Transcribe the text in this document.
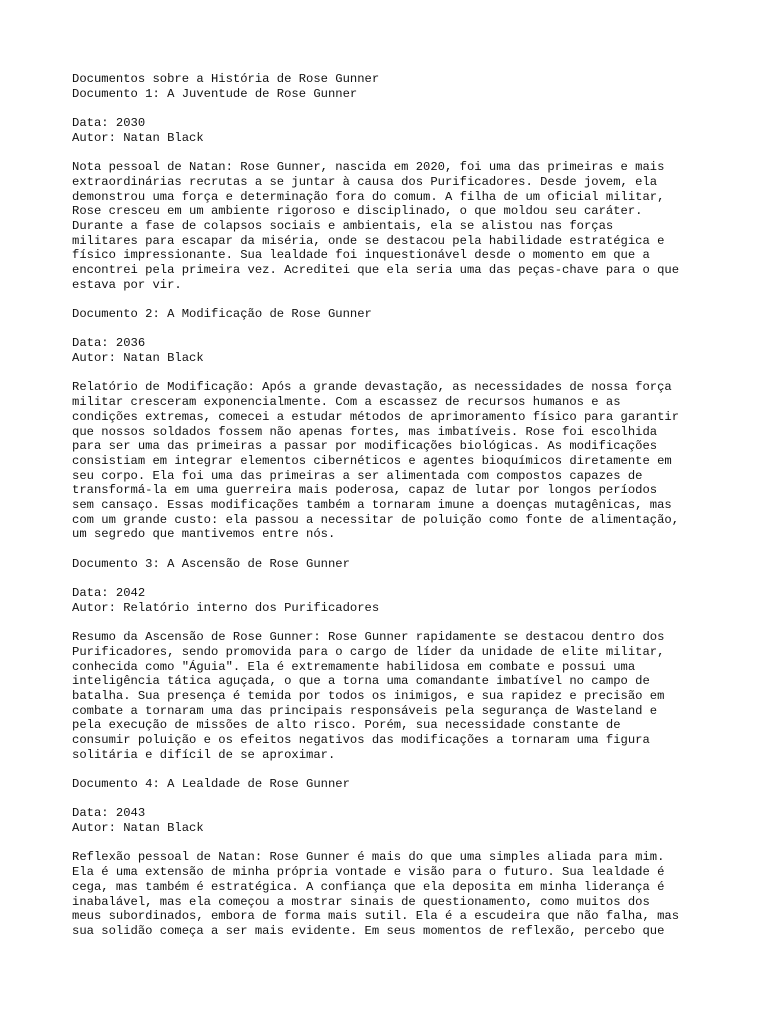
Documentos sobre a História de Rose Gunner
Documento 1: A Juventude de Rose Gunner
Data: 2030
Autor: Natan Black
Nota pessoal de Natan: Rose Gunner, nascida em 2020, foi uma das primeiras e mais
extraordinárias recrutas a se juntar à causa dos Purificadores. Desde jovem, ela
demonstrou uma força e determinação fora do comum. A filha de um oficial militar,
Rose cresceu em um ambiente rigoroso e disciplinado, o que moldou seu caráter.
Durante a fase de colapsos sociais e ambientais, ela se alistou nas forças
militares para escapar da miséria, onde se destacou pela habilidade estratégica e
físico impressionante. Sua lealdade foi inquestionável desde o momento em que a
encontrei pela primeira vez. Acreditei que ela seria uma das peças-chave para o que
estava por vir.
Documento 2: A Modificação de Rose Gunner
Data: 2036
Autor: Natan Black
Relatório de Modificação: Após a grande devastação, as necessidades de nossa força
militar cresceram exponencialmente. Com a escassez de recursos humanos e as
condições extremas, comecei a estudar métodos de aprimoramento físico para garantir
que nossos soldados fossem não apenas fortes, mas imbatíveis. Rose foi escolhida
para ser uma das primeiras a passar por modificações biológicas. As modificações
consistiam em integrar elementos cibernéticos e agentes bioquímicos diretamente em
seu corpo. Ela foi uma das primeiras a ser alimentada com compostos capazes de
transformá-la em uma guerreira mais poderosa, capaz de lutar por longos períodos
sem cansaço. Essas modificações também a tornaram imune a doenças mutagênicas, mas
com um grande custo: ela passou a necessitar de poluição como fonte de alimentação,
um segredo que mantivemos entre nós.
Documento 3: A Ascensão de Rose Gunner
Data: 2042
Autor: Relatório interno dos Purificadores
Resumo da Ascensão de Rose Gunner: Rose Gunner rapidamente se destacou dentro dos
Purificadores, sendo promovida para o cargo de líder da unidade de elite militar,
conhecida como "Águia". Ela é extremamente habilidosa em combate e possui uma
inteligência tática aguçada, o que a torna uma comandante imbatível no campo de
batalha. Sua presença é temida por todos os inimigos, e sua rapidez e precisão em
combate a tornaram uma das principais responsáveis pela segurança de Wasteland e
pela execução de missões de alto risco. Porém, sua necessidade constante de
consumir poluição e os efeitos negativos das modificações a tornaram uma figura
solitária e difícil de se aproximar.
Documento 4: A Lealdade de Rose Gunner
Data: 2043
Autor: Natan Black
Reflexão pessoal de Natan: Rose Gunner é mais do que uma simples aliada para mim.
Ela é uma extensão de minha própria vontade e visão para o futuro. Sua lealdade é
cega, mas também é estratégica. A confiança que ela deposita em minha liderança é
inabalável, mas ela começou a mostrar sinais de questionamento, como muitos dos
meus subordinados, embora de forma mais sutil. Ela é a escudeira que não falha, mas
sua solidão começa a ser mais evidente. Em seus momentos de reflexão, percebo que
